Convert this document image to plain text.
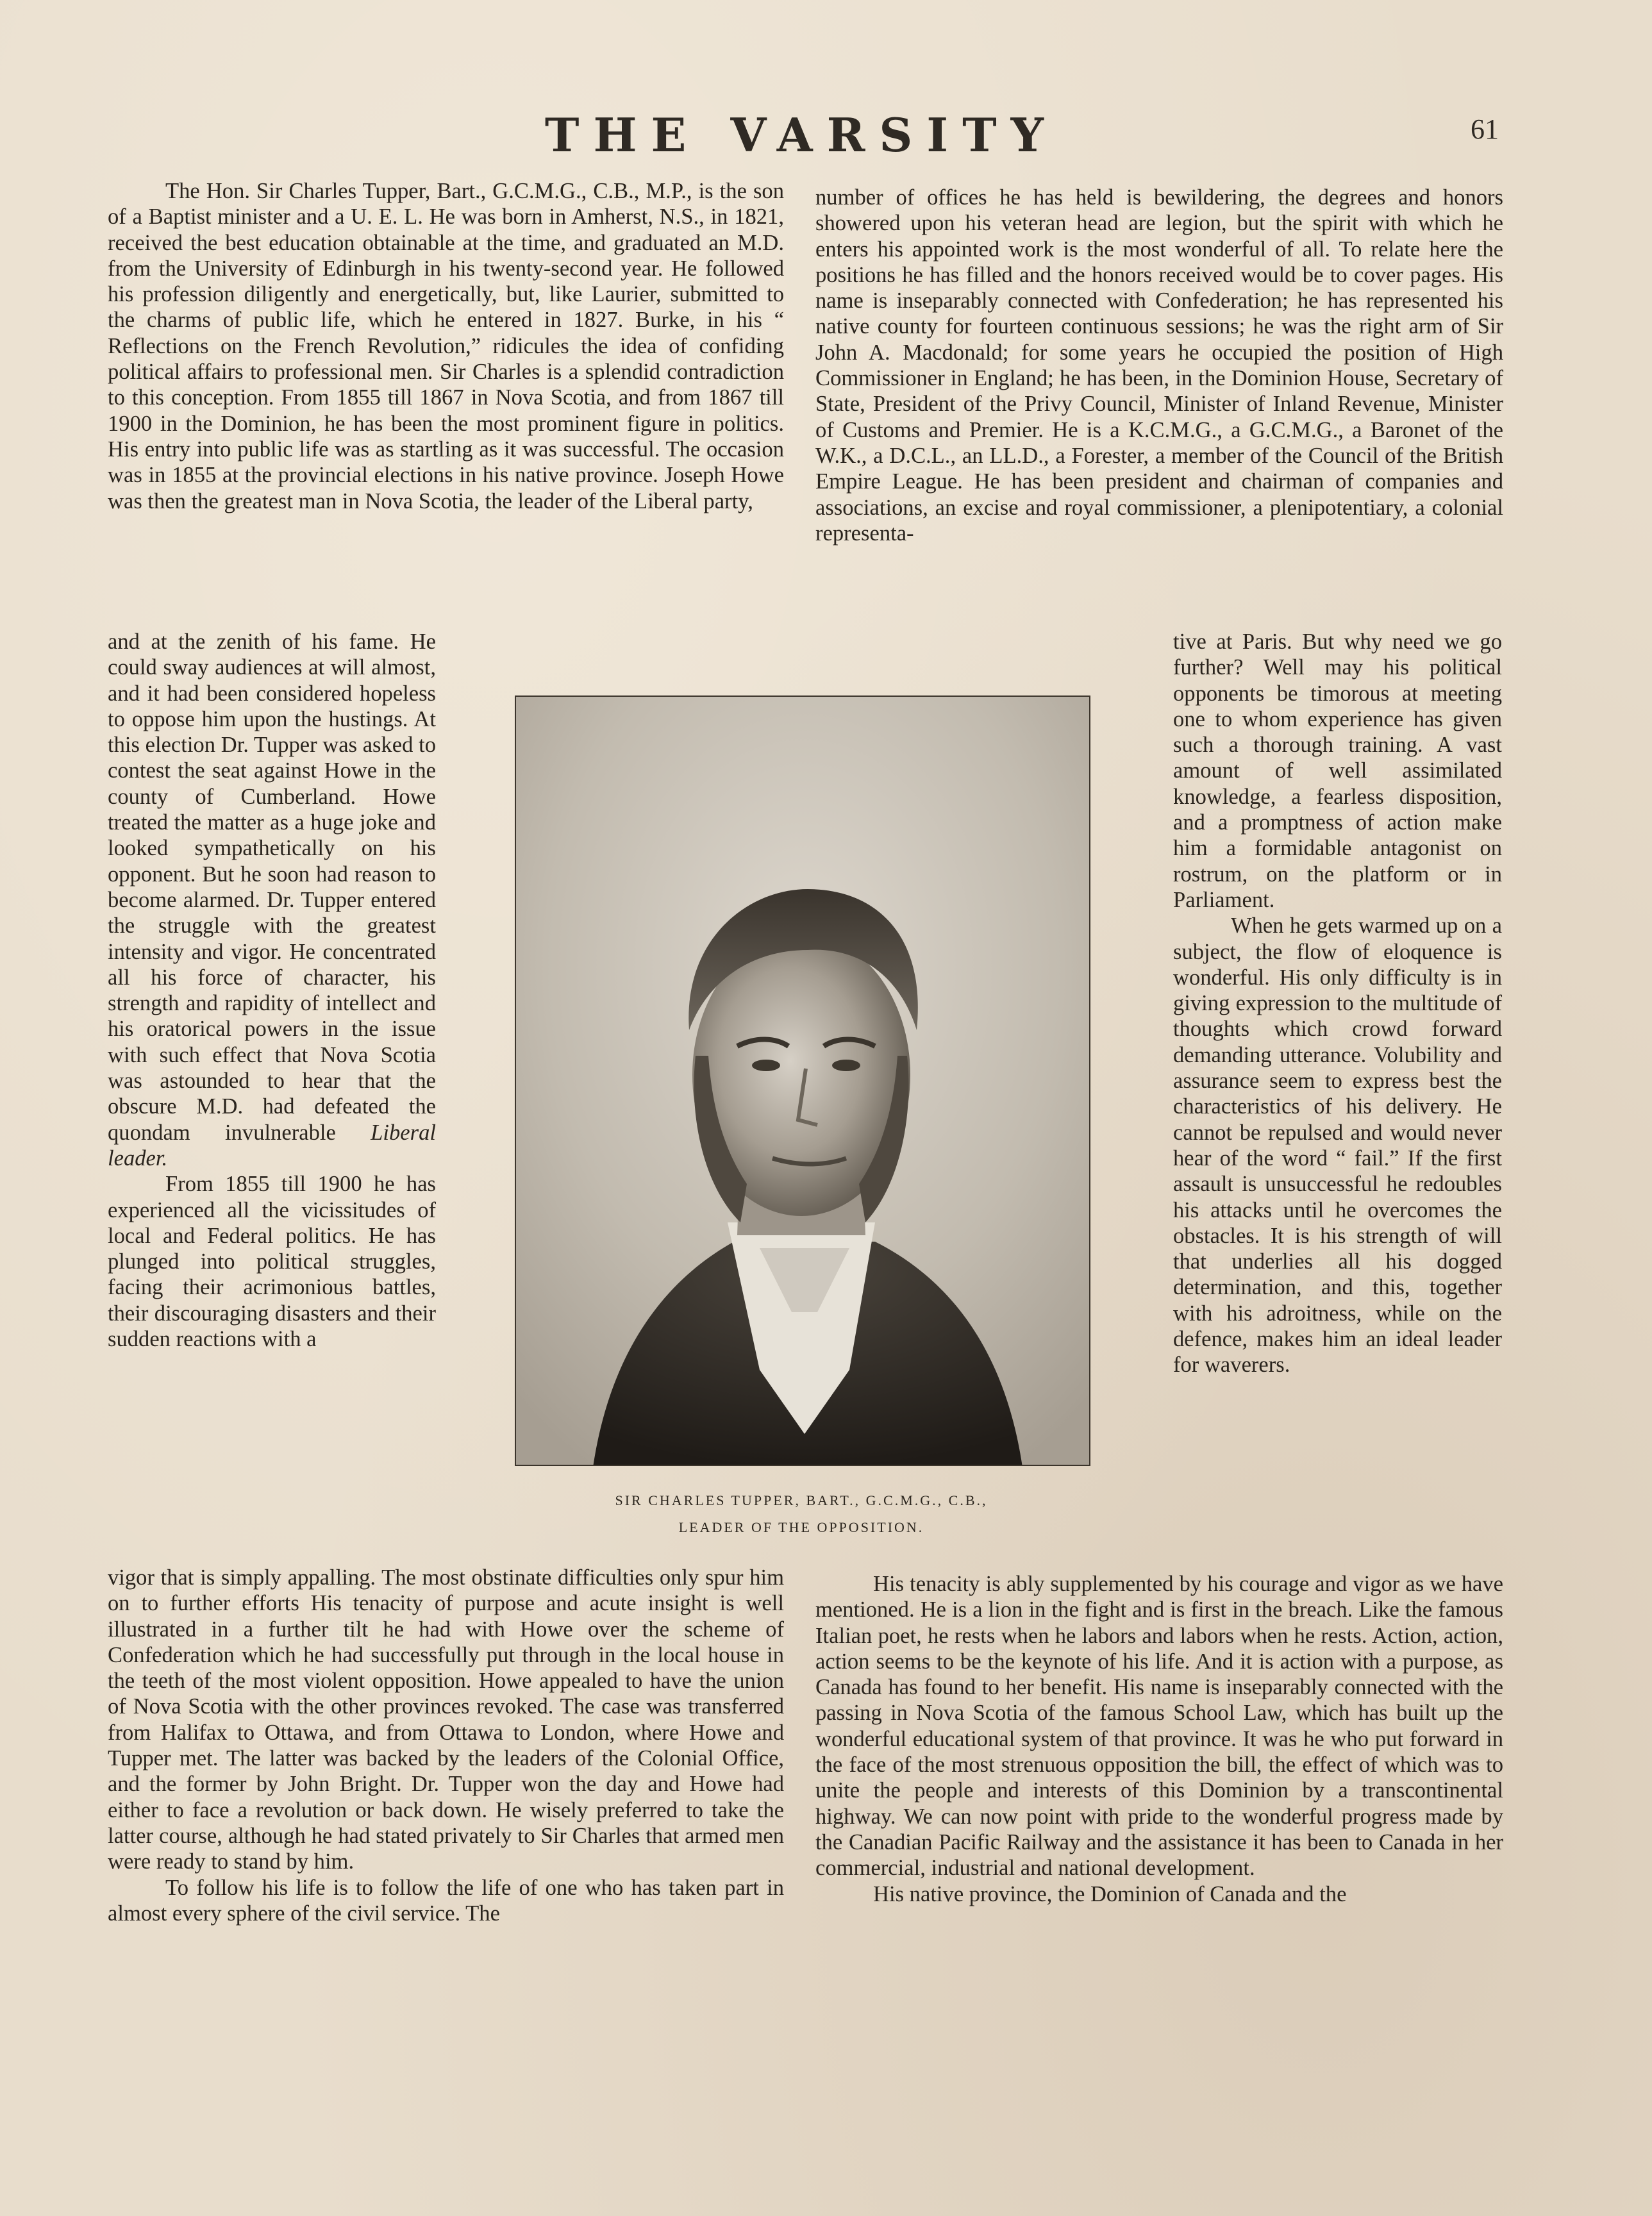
THE VARSITY	61

The Hon. Sir Charles Tupper, Bart., G.C.M.G., C.B., M.P., is the son of a Baptist minister and a U. E. L. He was born in Amherst, N.S., in 1821, received the best education obtainable at the time, and graduated an M.D. from the University of Edinburgh in his twenty-second year. He followed his profession diligently and energetically, but, like Laurier, submitted to the charms of public life, which he entered in 1827. Burke, in his “ Reflections on the French Revolution,” ridicules the idea of confiding political affairs to professional men. Sir Charles is a splendid contradiction to this conception. From 1855 till 1867 in Nova Scotia, and from 1867 till 1900 in the Dominion, he has been the most prominent figure in politics. His entry into public life was as startling as it was successful. The occasion was in 1855 at the provincial elections in his native province. Joseph Howe was then the greatest man in Nova Scotia, the leader of the Liberal party,

and at the zenith of his fame. He could sway audiences at will almost, and it had been considered hopeless to oppose him upon the hustings. At this election Dr. Tupper was asked to contest the seat against Howe in the county of Cumberland. Howe treated the matter as a huge joke and looked sympathetically on his opponent. But he soon had reason to become alarmed. Dr. Tupper entered the struggle with the greatest intensity and vigor. He concentrated all his force of character, his strength and rapidity of intellect and his oratorical powers in the issue with such effect that Nova Scotia was astounded to hear that the obscure M.D. had defeated the quondam invulnerable Liberal leader.

From 1855 till 1900 he has experienced all the vicissitudes of local and Federal politics. He has plunged into political struggles, facing their acrimonious battles, their discouraging disasters and their sudden reactions with a

vigor that is simply appalling. The most obstinate difficulties only spur him on to further efforts His tenacity of purpose and acute insight is well illustrated in a further tilt he had with Howe over the scheme of Confederation which he had successfully put through in the local house in the teeth of the most violent opposition. Howe appealed to have the union of Nova Scotia with the other provinces revoked. The case was transferred from Halifax to Ottawa, and from Ottawa to London, where Howe and Tupper met. The latter was backed by the leaders of the Colonial Office, and the former by John Bright. Dr. Tupper won the day and Howe had either to face a revolution or back down. He wisely preferred to take the latter course, although he had stated privately to Sir Charles that armed men were ready to stand by him.

To follow his life is to follow the life of one who has taken part in almost every sphere of the civil service. The

number of offices he has held is bewildering, the degrees and honors showered upon his veteran head are legion, but the spirit with which he enters his appointed work is the most wonderful of all. To relate here the positions he has filled and the honors received would be to cover pages. His name is inseparably connected with Confederation; he has represented his native county for fourteen continuous sessions; he was the right arm of Sir John A. Macdonald; for some years he occupied the position of High Commissioner in England; he has been, in the Dominion House, Secretary of State, President of the Privy Council, Minister of Inland Revenue, Minister of Customs and Premier. He is a K.C.M.G., a G.C.M.G., a Baronet of the W.K., a D.C.L., an LL.D., a Forester, a member of the Council of the British Empire League. He has been president and chairman of companies and associations, an excise and royal commissioner, a plenipotentiary, a colonial representa-

tive at Paris. But why need we go further? Well may his political opponents be timorous at meeting one to whom experience has given such a thorough training. A vast amount of well assimilated knowledge, a fearless disposition, and a promptness of action make him a formidable antagonist on rostrum, on the platform or in Parliament.

When he gets warmed up on a subject, the flow of eloquence is wonderful. His only difficulty is in giving expression to the multitude of thoughts which crowd forward demanding utterance. Volubility and assurance seem to express best the characteristics of his delivery. He cannot be repulsed and would never hear of the word “ fail.” If the first assault is unsuccessful he redoubles his attacks until he overcomes the obstacles. It is his strength of will that underlies all his dogged determination, and this, together with his adroitness, while on the defence, makes him an ideal leader for waverers.

His tenacity is ably supplemented by his courage and vigor as we have mentioned. He is a lion in the fight and is first in the breach. Like the famous Italian poet, he rests when he labors and labors when he rests. Action, action, action seems to be the keynote of his life. And it is action with a purpose, as Canada has found to her benefit. His name is inseparably connected with the passing in Nova Scotia of the famous School Law, which has built up the wonderful educational system of that province. It was he who put forward in the face of the most strenuous opposition the bill, the effect of which was to unite the people and interests of this Dominion by a transcontinental highway. We can now point with pride to the wonderful progress made by the Canadian Pacific Railway and the assistance it has been to Canada in her commercial, industrial and national development.

His native province, the Dominion of Canada and the

SIR CHARLES TUPPER, BART., G.C.M.G., C.B.,
LEADER OF THE OPPOSITION.
